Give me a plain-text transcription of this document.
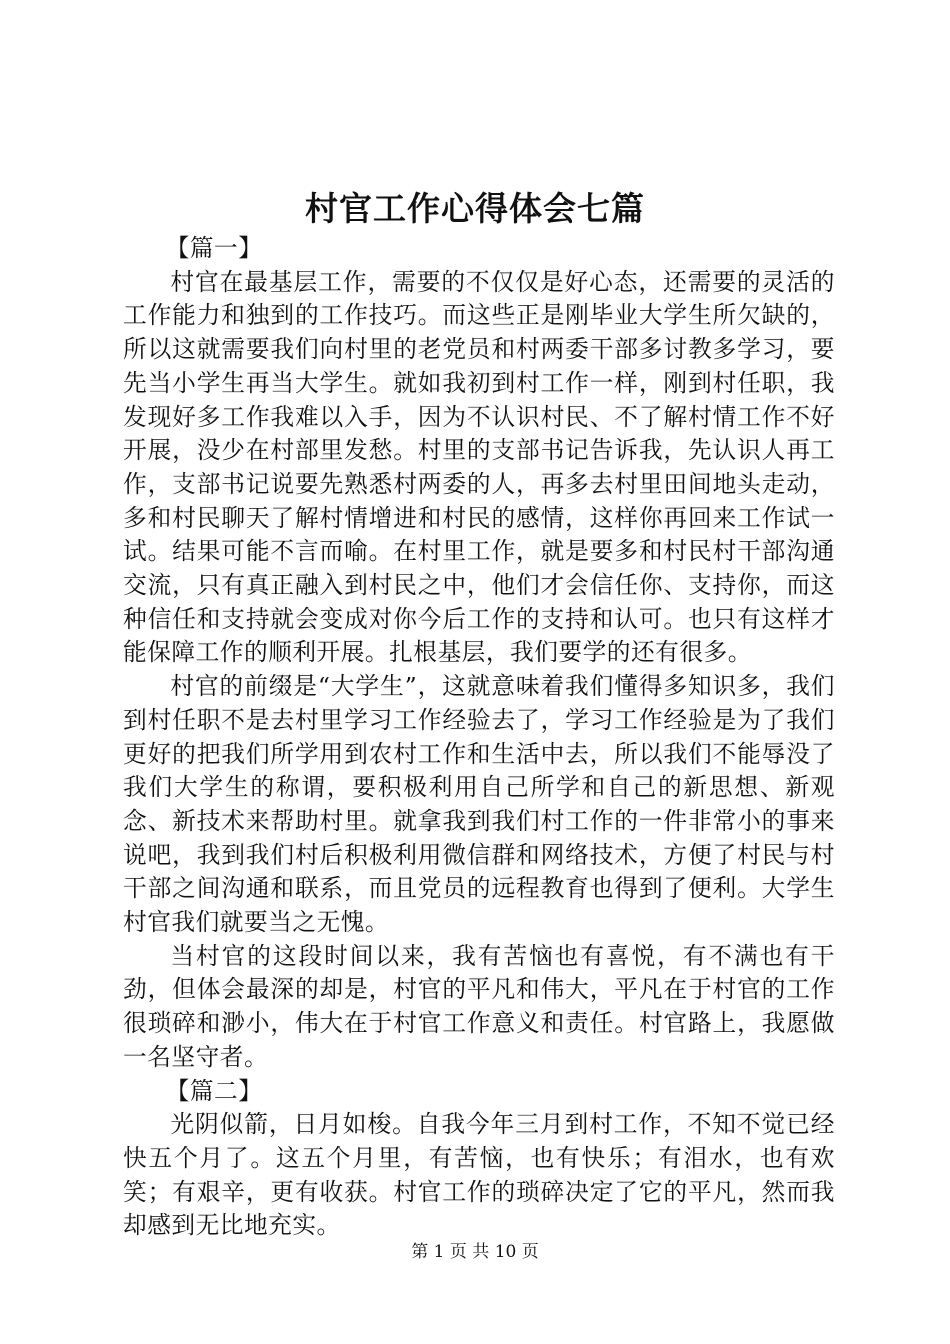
村官工作心得体会七篇

【篇一】

村官在最基层工作，需要的不仅仅是好心态，还需要的灵活的工作能力和独到的工作技巧。而这些正是刚毕业大学生所欠缺的，所以这就需要我们向村里的老党员和村两委干部多讨教多学习，要先当小学生再当大学生。就如我初到村工作一样，刚到村任职，我发现好多工作我难以入手，因为不认识村民、不了解村情工作不好开展，没少在村部里发愁。村里的支部书记告诉我，先认识人再工作，支部书记说要先熟悉村两委的人，再多去村里田间地头走动，多和村民聊天了解村情增进和村民的感情，这样你再回来工作试一试。结果可能不言而喻。在村里工作，就是要多和村民村干部沟通交流，只有真正融入到村民之中，他们才会信任你、支持你，而这种信任和支持就会变成对你今后工作的支持和认可。也只有这样才能保障工作的顺利开展。扎根基层，我们要学的还有很多。

村官的前缀是“大学生”，这就意味着我们懂得多知识多，我们到村任职不是去村里学习工作经验去了，学习工作经验是为了我们更好的把我们所学用到农村工作和生活中去，所以我们不能辱没了我们大学生的称谓，要积极利用自己所学和自己的新思想、新观念、新技术来帮助村里。就拿我到我们村工作的一件非常小的事来说吧，我到我们村后积极利用微信群和网络技术，方便了村民与村干部之间沟通和联系，而且党员的远程教育也得到了便利。大学生村官我们就要当之无愧。

当村官的这段时间以来，我有苦恼也有喜悦，有不满也有干劲，但体会最深的却是，村官的平凡和伟大，平凡在于村官的工作很琐碎和渺小，伟大在于村官工作意义和责任。村官路上，我愿做一名坚守者。

【篇二】

光阴似箭，日月如梭。自我今年三月到村工作，不知不觉已经快五个月了。这五个月里，有苦恼，也有快乐；有泪水，也有欢笑；有艰辛，更有收获。村官工作的琐碎决定了它的平凡，然而我却感到无比地充实。

第 1 页 共 10 页
